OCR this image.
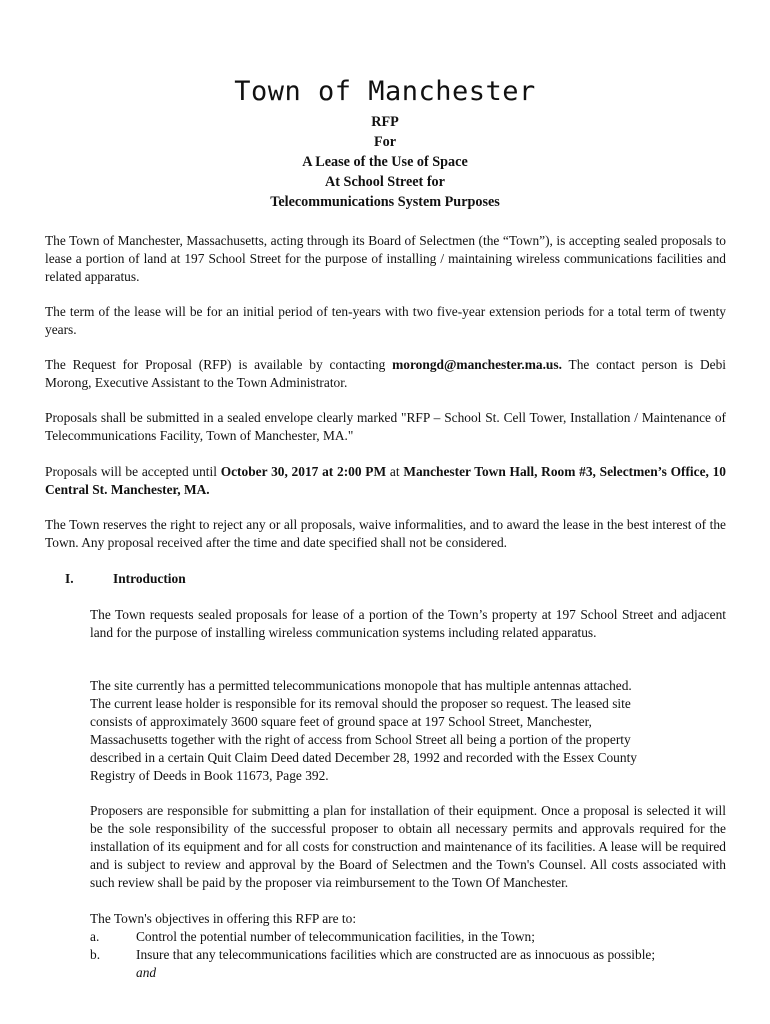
Town of Manchester
RFP
For
A Lease of the Use of Space
At School Street for
Telecommunications System Purposes

The Town of Manchester, Massachusetts, acting through its Board of Selectmen (the “Town”), is accepting sealed proposals to lease a portion of land at 197 School Street for the purpose of installing / maintaining wireless communications facilities and related apparatus.

The term of the lease will be for an initial period of ten-years with two five-year extension periods for a total term of twenty years.

The Request for Proposal (RFP) is available by contacting morongd@manchester.ma.us. The contact person is Debi Morong, Executive Assistant to the Town Administrator.

Proposals shall be submitted in a sealed envelope clearly marked "RFP – School St. Cell Tower, Installation / Maintenance of Telecommunications Facility, Town of Manchester, MA."

Proposals will be accepted until October 30, 2017 at 2:00 PM at Manchester Town Hall, Room #3, Selectmen’s Office, 10 Central St. Manchester, MA.

The Town reserves the right to reject any or all proposals, waive informalities, and to award the lease in the best interest of the Town. Any proposal received after the time and date specified shall not be considered.

I.	Introduction

The Town requests sealed proposals for lease of a portion of the Town’s property at 197 School Street and adjacent land for the purpose of installing wireless communication systems including related apparatus.

The site currently has a permitted telecommunications monopole that has multiple antennas attached.
The current lease holder is responsible for its removal should the proposer so request. The leased site
consists of approximately 3600 square feet of ground space at 197 School Street, Manchester,
Massachusetts together with the right of access from School Street all being a portion of the property
described in a certain Quit Claim Deed dated December 28, 1992 and recorded with the Essex County
Registry of Deeds in Book 11673, Page 392.

Proposers are responsible for submitting a plan for installation of their equipment. Once a proposal is selected it will be the sole responsibility of the successful proposer to obtain all necessary permits and approvals required for the installation of its equipment and for all costs for construction and maintenance of its facilities. A lease will be required and is subject to review and approval by the Board of Selectmen and the Town's Counsel. All costs associated with such review shall be paid by the proposer via reimbursement to the Town Of Manchester.

The Town's objectives in offering this RFP are to:
a.	Control the potential number of telecommunication facilities, in the Town;
b.	Insure that any telecommunications facilities which are constructed are as innocuous as possible;
and
